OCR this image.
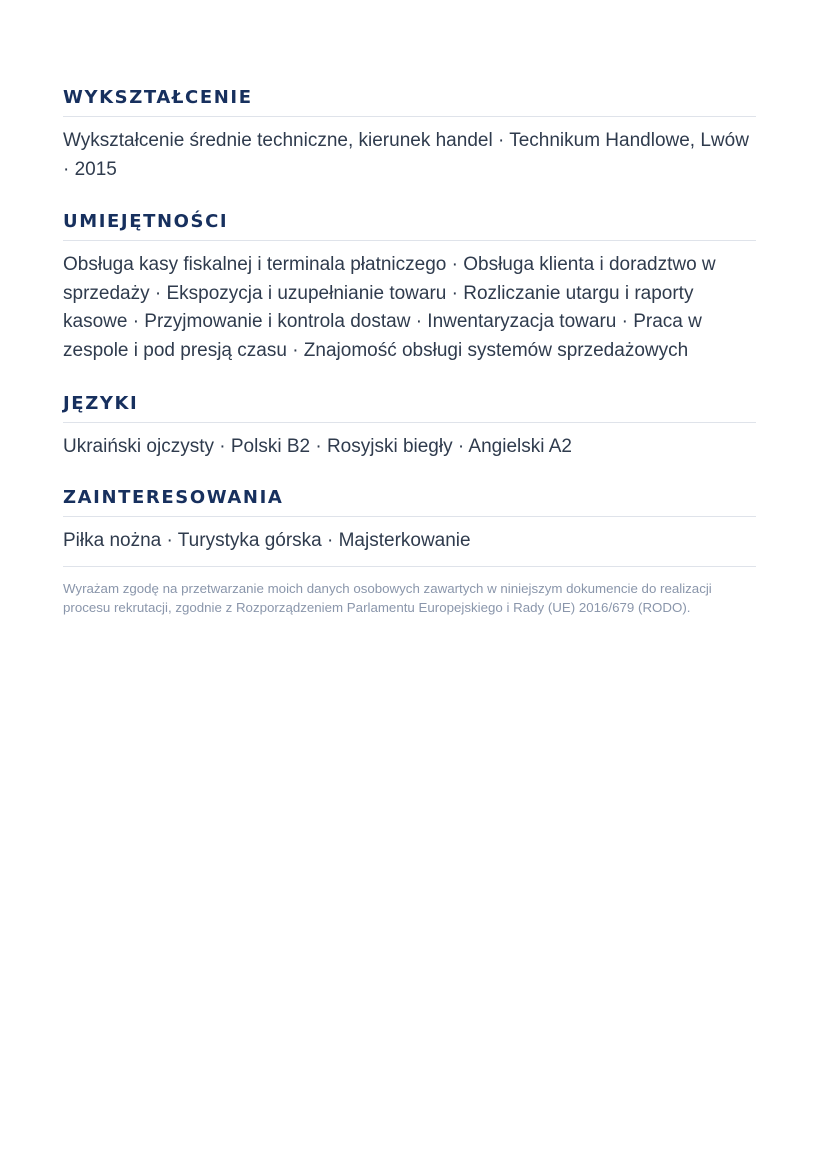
WYKSZTAŁCENIE

Wykształcenie średnie techniczne, kierunek handel · Technikum Handlowe, Lwów · 2015

UMIEJĘTNOŚCI

Obsługa kasy fiskalnej i terminala płatniczego · Obsługa klienta i doradztwo w sprzedaży · Ekspozycja i uzupełnianie towaru · Rozliczanie utargu i raporty kasowe · Przyjmowanie i kontrola dostaw · Inwentaryzacja towaru · Praca w zespole i pod presją czasu · Znajomość obsługi systemów sprzedażowych

JĘZYKI

Ukraiński ojczysty · Polski B2 · Rosyjski biegły · Angielski A2

ZAINTERESOWANIA

Piłka nożna · Turystyka górska · Majsterkowanie

Wyrażam zgodę na przetwarzanie moich danych osobowych zawartych w niniejszym dokumencie do realizacji procesu rekrutacji, zgodnie z Rozporządzeniem Parlamentu Europejskiego i Rady (UE) 2016/679 (RODO).
